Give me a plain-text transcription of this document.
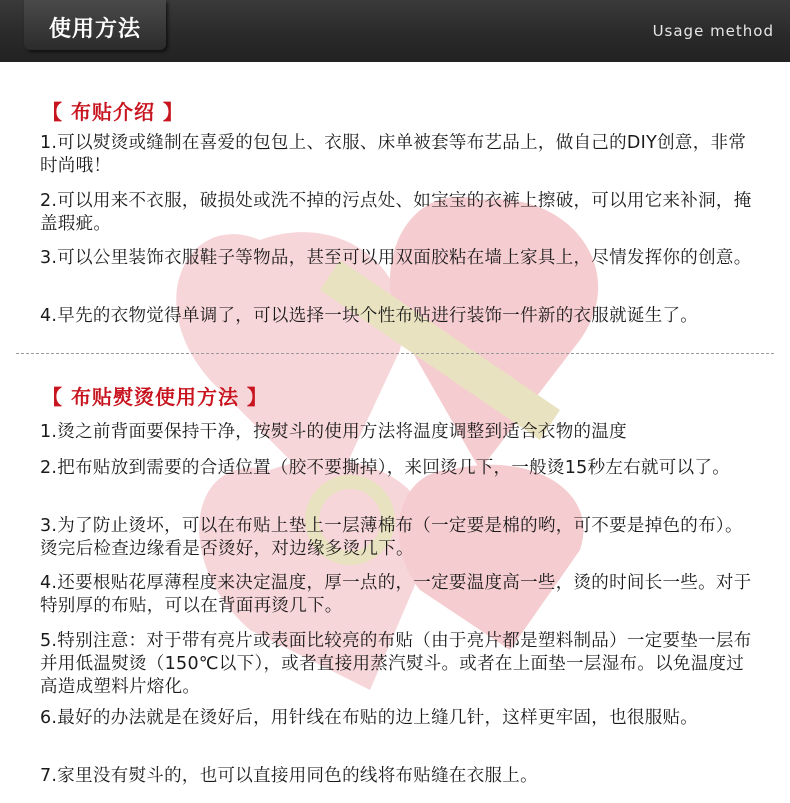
使用方法	Usage method
【 布贴介绍 】
1.可以熨烫或缝制在喜爱的包包上、衣服、床单被套等布艺品上，做自己的DIY创意，非常时尚哦！
2.可以用来不衣服，破损处或洗不掉的污点处、如宝宝的衣裤上擦破，可以用它来补洞，掩盖瑕疵。
3.可以公里装饰衣服鞋子等物品，甚至可以用双面胶粘在墙上家具上，尽情发挥你的创意。
4.早先的衣物觉得单调了，可以选择一块个性布贴进行装饰一件新的衣服就诞生了。
【 布贴熨烫使用方法 】
1.烫之前背面要保持干净，按熨斗的使用方法将温度调整到适合衣物的温度
2.把布贴放到需要的合适位置（胶不要撕掉），来回烫几下，一般烫15秒左右就可以了。
3.为了防止烫坏，可以在布贴上垫上一层薄棉布（一定要是棉的哟，可不要是掉色的布）。烫完后检查边缘看是否烫好，对边缘多烫几下。
4.还要根贴花厚薄程度来决定温度，厚一点的，一定要温度高一些，烫的时间长一些。对于特别厚的布贴，可以在背面再烫几下。
5.特别注意：对于带有亮片或表面比较亮的布贴（由于亮片都是塑料制品）一定要垫一层布并用低温熨烫（150℃以下），或者直接用蒸汽熨斗。或者在上面垫一层湿布。以免温度过高造成塑料片熔化。
6.最好的办法就是在烫好后，用针线在布贴的边上缝几针，这样更牢固，也很服贴。
7.家里没有熨斗的，也可以直接用同色的线将布贴缝在衣服上。
